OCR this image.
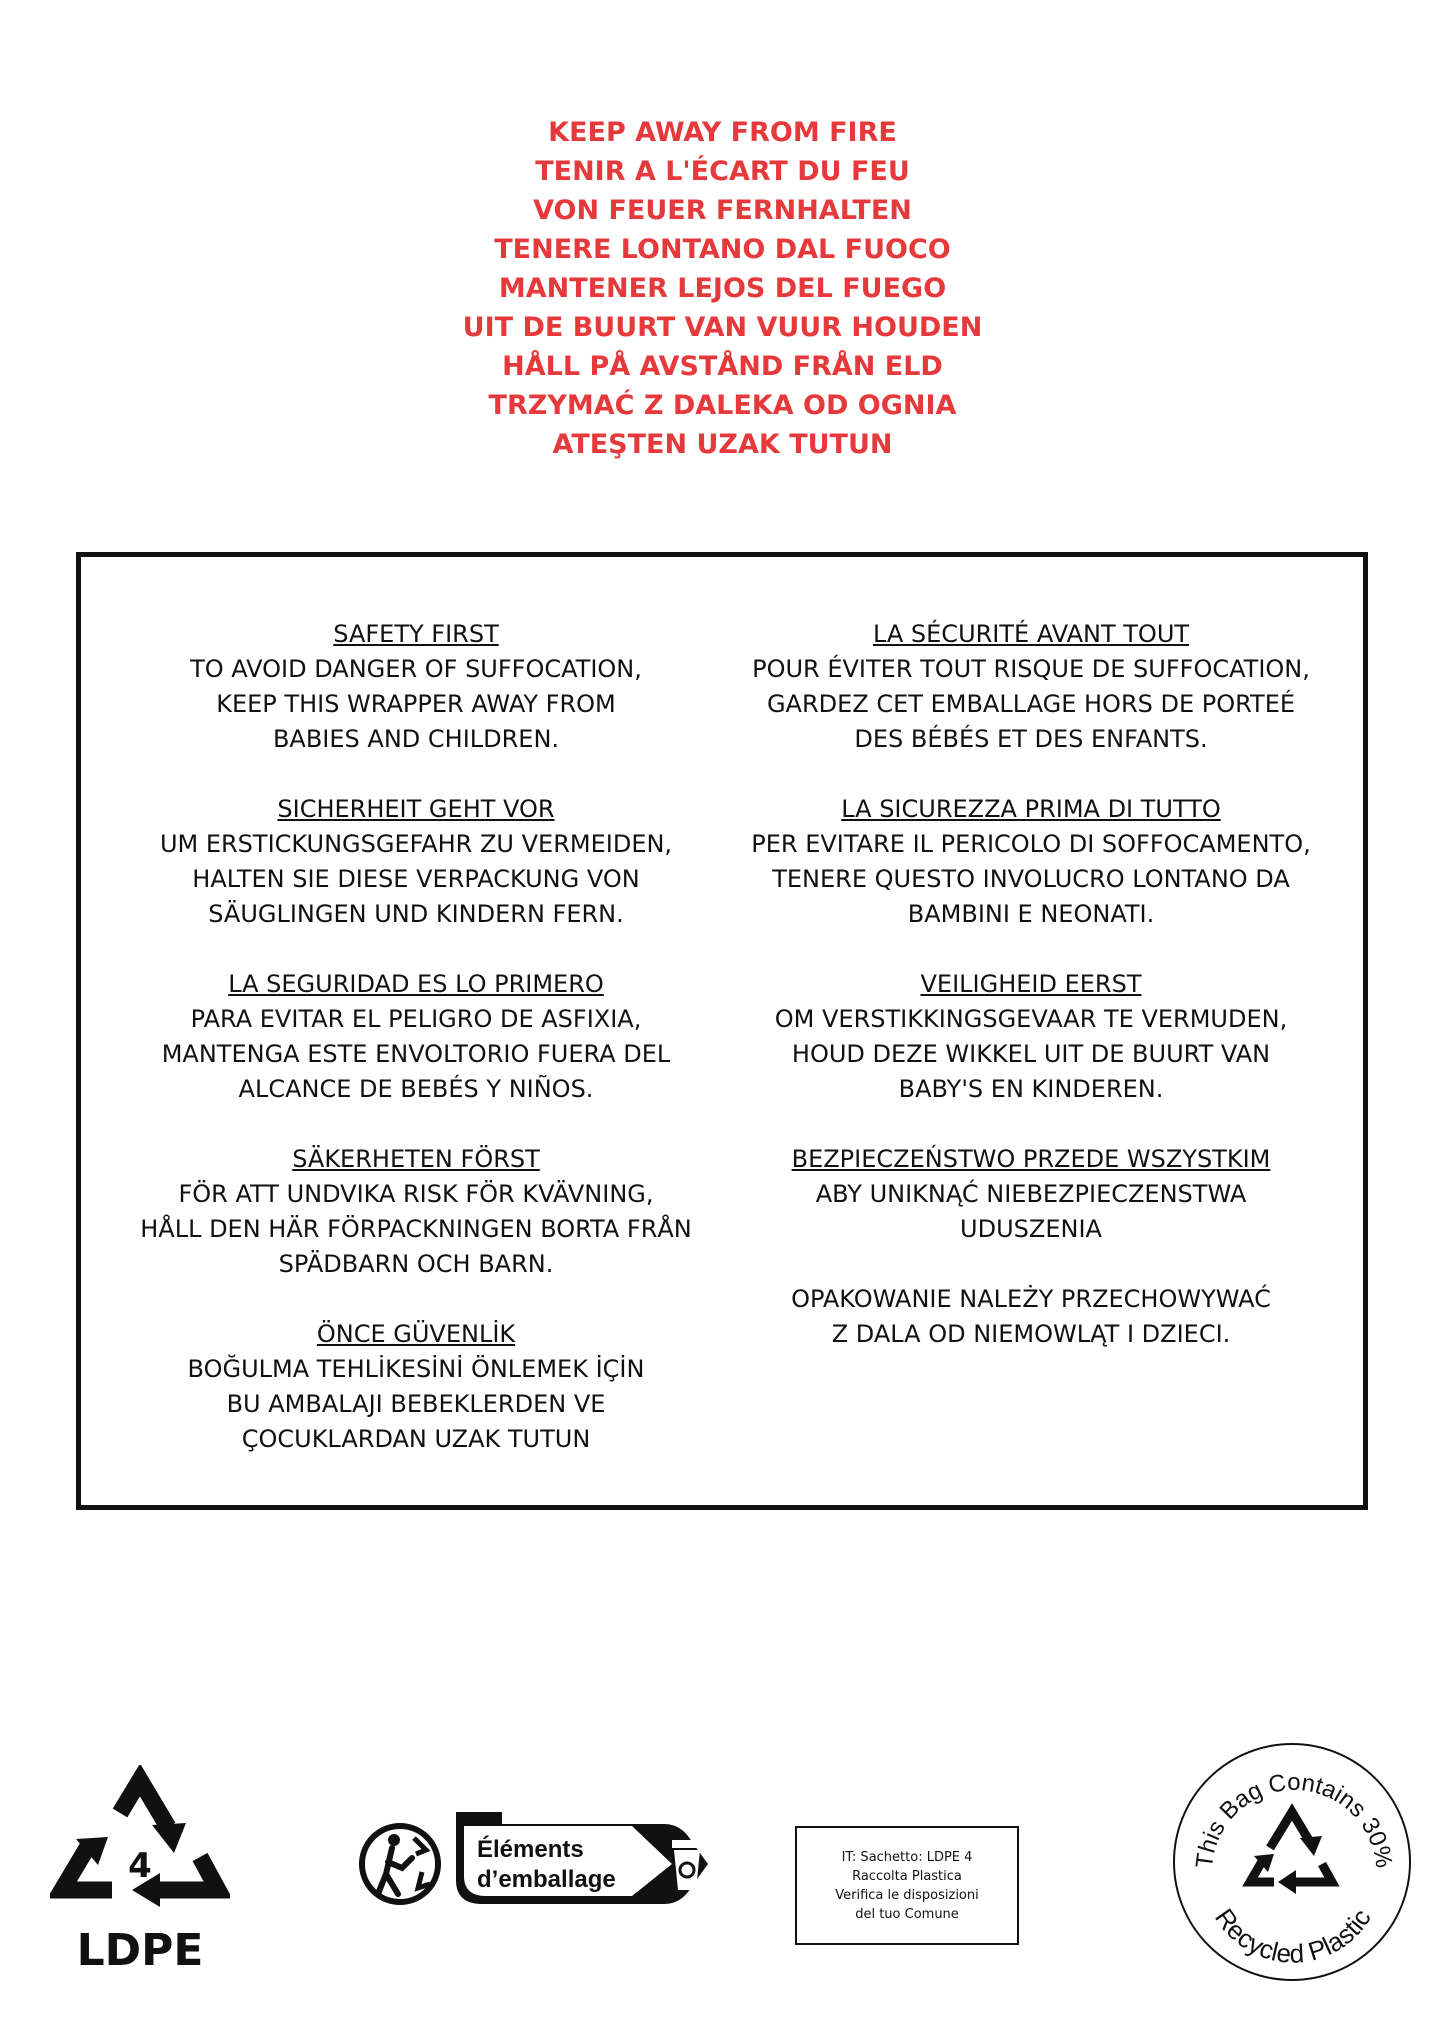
KEEP AWAY FROM FIRE
TENIR A L'ÉCART DU FEU
VON FEUER FERNHALTEN
TENERE LONTANO DAL FUOCO
MANTENER LEJOS DEL FUEGO
UIT DE BUURT VAN VUUR HOUDEN
HÅLL PÅ AVSTÅND FRÅN ELD
TRZYMAĆ Z DALEKA OD OGNIA
ATEŞTEN UZAK TUTUN
SAFETY FIRST
TO AVOID DANGER OF SUFFOCATION,
KEEP THIS WRAPPER AWAY FROM
BABIES AND CHILDREN.
SICHERHEIT GEHT VOR
UM ERSTICKUNGSGEFAHR ZU VERMEIDEN,
HALTEN SIE DIESE VERPACKUNG VON
SÄUGLINGEN UND KINDERN FERN.
LA SEGURIDAD ES LO PRIMERO
PARA EVITAR EL PELIGRO DE ASFIXIA,
MANTENGA ESTE ENVOLTORIO FUERA DEL
ALCANCE DE BEBÉS Y NIÑOS.
SÄKERHETEN FÖRST
FÖR ATT UNDVIKA RISK FÖR KVÄVNING,
HÅLL DEN HÄR FÖRPACKNINGEN BORTA FRÅN
SPÄDBARN OCH BARN.
ÖNCE GÜVENLİK
BOĞULMA TEHLİKESİNİ ÖNLEMEK İÇİN
BU AMBALAJI BEBEKLERDEN VE
ÇOCUKLARDAN UZAK TUTUN
LA SÉCURITÉ AVANT TOUT
POUR ÉVITER TOUT RISQUE DE SUFFOCATION,
GARDEZ CET EMBALLAGE HORS DE PORTEÉ
DES BÉBÉS ET DES ENFANTS.
LA SICUREZZA PRIMA DI TUTTO
PER EVITARE IL PERICOLO DI SOFFOCAMENTO,
TENERE QUESTO INVOLUCRO LONTANO DA
BAMBINI E NEONATI.
VEILIGHEID EERST
OM VERSTIKKINGSGEVAAR TE VERMUDEN,
HOUD DEZE WIKKEL UIT DE BUURT VAN
BABY'S EN KINDEREN.
BEZPIECZEŃSTWO PRZEDE WSZYSTKIM
ABY UNIKNĄĆ NIEBEZPIECZENSTWA
UDUSZENIA
OPAKOWANIE NALEŻY PRZECHOWYWAĆ
Z DALA OD NIEMOWLĄT I DZIECI.
4
LDPE
Éléments
d’emballage
IT: Sachetto: LDPE 4
Raccolta Plastica
Verifica le disposizioni
del tuo Comune
This Bag Contains 30%
Recycled Plastic
